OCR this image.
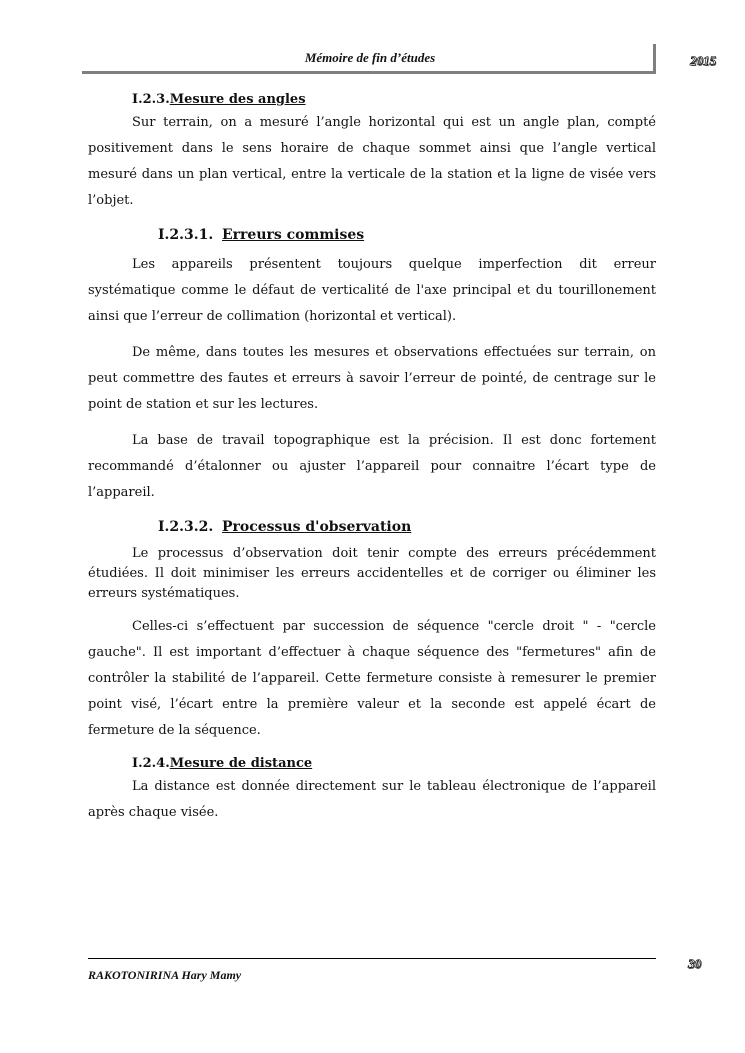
Mémoire de fin d’études	2015
I.2.3.Mesure des angles

Sur terrain, on a mesuré l’angle horizontal qui est un angle plan, compté positivement dans le sens horaire de chaque sommet ainsi que l’angle vertical mesuré dans un plan vertical, entre la verticale de la station et la ligne de visée vers l’objet.

I.2.3.1. Erreurs commises

Les appareils présentent toujours quelque imperfection dit erreur systématique comme le défaut de verticalité de l'axe principal et du tourillonement ainsi que l’erreur de collimation (horizontal et vertical).

De même, dans toutes les mesures et observations effectuées sur terrain, on peut commettre des fautes et erreurs à savoir l’erreur de pointé, de centrage sur le point de station et sur les lectures.

La base de travail topographique est la précision. Il est donc fortement recommandé d’étalonner ou ajuster l’appareil pour connaitre l’écart type de l’appareil.

I.2.3.2. Processus d'observation

Le processus d’observation doit tenir compte des erreurs précédemment étudiées. Il doit minimiser les erreurs accidentelles et de corriger ou éliminer les erreurs systématiques.

Celles-ci s’effectuent par succession de séquence "cercle droit " - "cercle gauche". Il est important d’effectuer à chaque séquence des "fermetures" afin de contrôler la stabilité de l’appareil. Cette fermeture consiste à remesurer le premier point visé, l’écart entre la première valeur et la seconde est appelé écart de fermeture de la séquence.

I.2.4.Mesure de distance

La distance est donnée directement sur le tableau électronique de l’appareil après chaque visée.

RAKOTONIRINA Hary Mamy
30
